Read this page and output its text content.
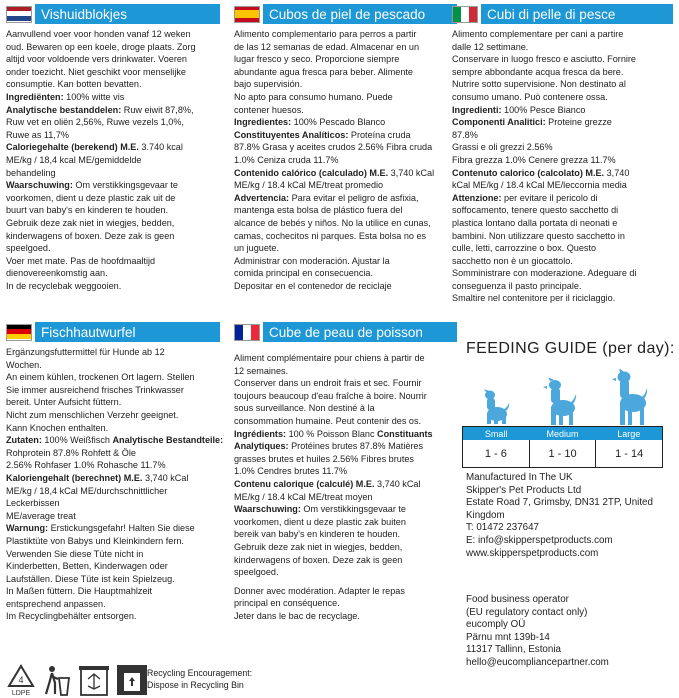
Vishuidblokjes

Aanvullend voer voor honden vanaf 12 weken

oud. Bewaren op een koele, droge plaats. Zorg

altijd voor voldoende vers drinkwater. Voeren

onder toezicht. Niet geschikt voor menselijke

consumptie. Kan botten bevatten.

Ingrediënten: 100% witte vis

Analytische bestanddelen: Ruw eiwit 87,8%,

Ruw vet en oliën 2,56%, Ruwe vezels 1,0%,

Ruwe as 11,7%

Caloriegehalte (berekend) M.E. 3.740 kcal

ME/kg / 18,4 kcal ME/gemiddelde

behandeling

Waarschuwing: Om verstikkingsgevaar te

voorkomen, dient u deze plastic zak uit de

buurt van baby's en kinderen te houden.

Gebruik deze zak niet in wiegjes, bedden,

kinderwagens of boxen. Deze zak is geen

speelgoed.

Voer met mate. Pas de hoofdmaaltijd

dienovereenkomstig aan.

In de recyclebak weggooien.

Cubos de piel de pescado

Alimento complementario para perros a partir

de las 12 semanas de edad. Almacenar en un

lugar fresco y seco. Proporcione siempre

abundante agua fresca para beber. Alimente

bajo supervisión.

No apto para consumo humano. Puede

contener huesos.

Ingredientes: 100% Pescado Blanco

Constituyentes Analíticos: Proteína cruda

87.8% Grasa y aceites crudos 2.56% Fibra cruda

1.0% Ceniza cruda 11.7%

Contenido calórico (calculado) M.E. 3,740 kCal

ME/kg / 18.4 kCal ME/treat promedio

Advertencia: Para evitar el peligro de asfixia,

mantenga esta bolsa de plástico fuera del

alcance de bebés y niños. No la utilice en cunas,

camas, cochecitos ni parques. Esta bolsa no es

un juguete.

Administrar con moderación. Ajustar la

comida principal en consecuencia.

Depositar en el contenedor de reciclaje

Cubi di pelle di pesce

Alimento complementare per cani a partire

dalle 12 settimane.

Conservare in luogo fresco e asciutto. Fornire

sempre abbondante acqua fresca da bere.

Nutrire sotto supervisione. Non destinato al

consumo umano. Può contenere ossa.

Ingredienti: 100% Pesce Bianco

Componenti Analitici: Proteine grezze

87.8%

Grassi e oli grezzi 2.56%

Fibra grezza 1.0% Cenere grezza 11.7%

Contenuto calorico (calcolato) M.E. 3,740

kCal ME/kg / 18.4 kCal ME/leccornia media

Attenzione: per evitare il pericolo di

soffocamento, tenere questo sacchetto di

plastica lontano dalla portata di neonati e

bambini. Non utilizzare questo sacchetto in

culle, letti, carrozzine o box. Questo

sacchetto non è un giocattolo.

Somministrare con moderazione. Adeguare di

conseguenza il pasto principale.

Smaltire nel contenitore per il riciclaggio.

Fischhautwurfel

Ergänzungsfuttermittel für Hunde ab 12

Wochen.

An einem kühlen, trockenen Ort lagern. Stellen

Sie immer ausreichend frisches Trinkwasser

bereit. Unter Aufsicht füttern.

Nicht zum menschlichen Verzehr geeignet.

Kann Knochen enthalten.

Zutaten: 100% Weißfisch Analytische Bestandteile:

Rohprotein 87.8% Rohfett & Öle

2.56% Rohfaser 1.0% Rohasche 11.7%

Kaloriengehalt (berechnet) M.E. 3,740 kCal

ME/kg / 18,4 kCal ME/durchschnittlicher

Leckerbissen

ME/average treat

Warnung: Erstickungsgefahr! Halten Sie diese

Plastiktüte von Babys und Kleinkindern fern.

Verwenden Sie diese Tüte nicht in

Kinderbetten, Betten, Kinderwagen oder

Laufställen. Diese Tüte ist kein Spielzeug.

In Maßen füttern. Die Hauptmahlzeit

entsprechend anpassen.

Im Recyclingbehälter entsorgen.

Cube de peau de poisson

Aliment complémentaire pour chiens à partir de

12 semaines.

Conserver dans un endroit frais et sec. Fournir

toujours beaucoup d'eau fraîche à boire. Nourrir

sous surveillance. Non destiné à la

consommation humaine. Peut contenir des os.

Ingrédients: 100 % Poisson Blanc Constituants

Analytiques: Protéines brutes 87.8% Matières

grasses brutes et huiles 2.56% Fibres brutes

1.0% Cendres brutes 11.7%

Contenu calorique (calculé) M.E. 3,740 kCal

ME/kg / 18.4 kCal ME/treat moyen

Waarschuwing: Om verstikkingsgevaar te

voorkomen, dient u deze plastic zak buiten

bereik van baby's en kinderen te houden.

Gebruik deze zak niet in wiegjes, bedden,

kinderwagens of boxen. Deze zak is geen

speelgoed.

Donner avec modération. Adapter le repas

principal en conséquence.

Jeter dans le bac de recyclage.

FEEDING GUIDE (per day):
Small	Medium	Large
1 - 6	1 - 10	1 - 14
Manufactured In The UK
Skipper's Pet Products Ltd
Estate Road 7, Grimsby, DN31 2TP, United
Kingdom
T: 01472 237647
E: info@skipperspetproducts.com
www.skipperspetproducts.com
Food business operator
(EU regulatory contact only)
eucomply OÜ
Pärnu mnt 139b-14
11317 Tallinn, Estonia
hello@eucompliancepartner.com
4
LDPE
Recycling Encouragement:
Dispose in Recycling Bin
